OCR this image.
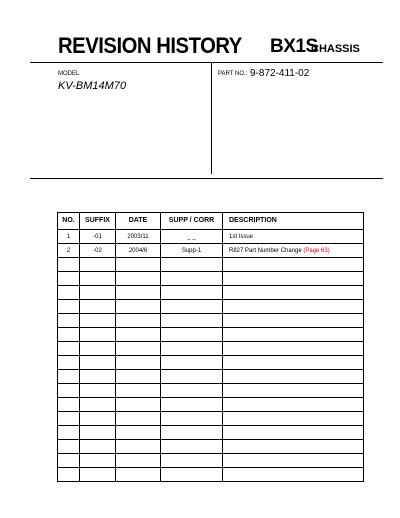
REVISION HISTORY BX1S
CHASSIS
MODEL
KV-BM14M70
PART NO.: 9-872-411-02
NO.	SUFFIX	DATE	SUPP / CORR	DESCRIPTION
1	-01	2003/11	_ _	1st Issue
2	-02	2004/6	Supp-1	R827 Part Number Change (Page 63)
